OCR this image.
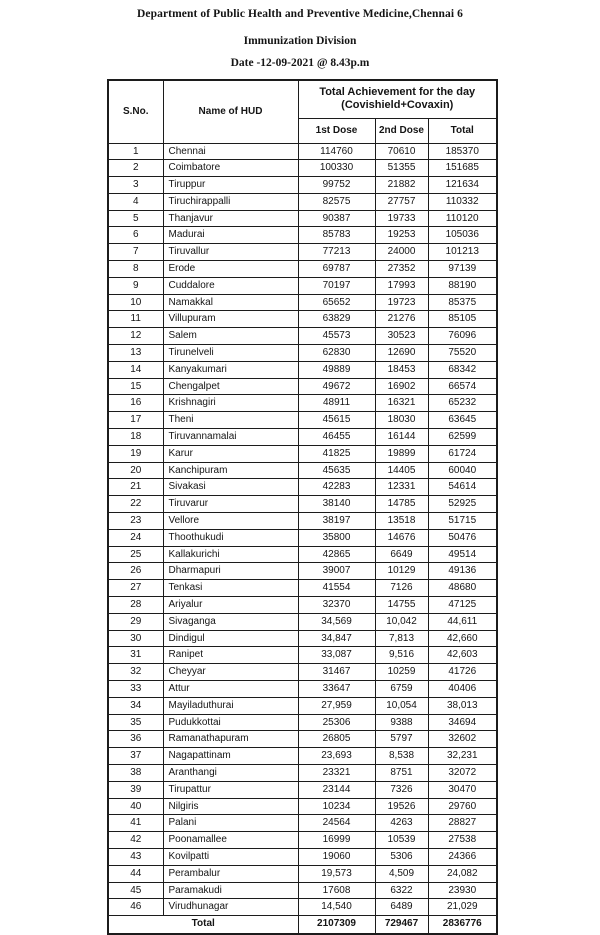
Department of Public Health and Preventive Medicine,Chennai 6
Immunization Division
Date -12-09-2021 @ 8.43p.m
S.No.	Name of HUD	Total Achievement for the day (Covishield+Covaxin)		
		1st Dose	2nd Dose	Total
1	Chennai	114760	70610	185370
2	Coimbatore	100330	51355	151685
3	Tiruppur	99752	21882	121634
4	Tiruchirappalli	82575	27757	110332
5	Thanjavur	90387	19733	110120
6	Madurai	85783	19253	105036
7	Tiruvallur	77213	24000	101213
8	Erode	69787	27352	97139
9	Cuddalore	70197	17993	88190
10	Namakkal	65652	19723	85375
11	Villupuram	63829	21276	85105
12	Salem	45573	30523	76096
13	Tirunelveli	62830	12690	75520
14	Kanyakumari	49889	18453	68342
15	Chengalpet	49672	16902	66574
16	Krishnagiri	48911	16321	65232
17	Theni	45615	18030	63645
18	Tiruvannamalai	46455	16144	62599
19	Karur	41825	19899	61724
20	Kanchipuram	45635	14405	60040
21	Sivakasi	42283	12331	54614
22	Tiruvarur	38140	14785	52925
23	Vellore	38197	13518	51715
24	Thoothukudi	35800	14676	50476
25	Kallakurichi	42865	6649	49514
26	Dharmapuri	39007	10129	49136
27	Tenkasi	41554	7126	48680
28	Ariyalur	32370	14755	47125
29	Sivaganga	34,569	10,042	44,611
30	Dindigul	34,847	7,813	42,660
31	Ranipet	33,087	9,516	42,603
32	Cheyyar	31467	10259	41726
33	Attur	33647	6759	40406
34	Mayiladuthurai	27,959	10,054	38,013
35	Pudukkottai	25306	9388	34694
36	Ramanathapuram	26805	5797	32602
37	Nagapattinam	23,693	8,538	32,231
38	Aranthangi	23321	8751	32072
39	Tirupattur	23144	7326	30470
40	Nilgiris	10234	19526	29760
41	Palani	24564	4263	28827
42	Poonamallee	16999	10539	27538
43	Kovilpatti	19060	5306	24366
44	Perambalur	19,573	4,509	24,082
45	Paramakudi	17608	6322	23930
46	Virudhunagar	14,540	6489	21,029
Total		2107309	729467	2836776
